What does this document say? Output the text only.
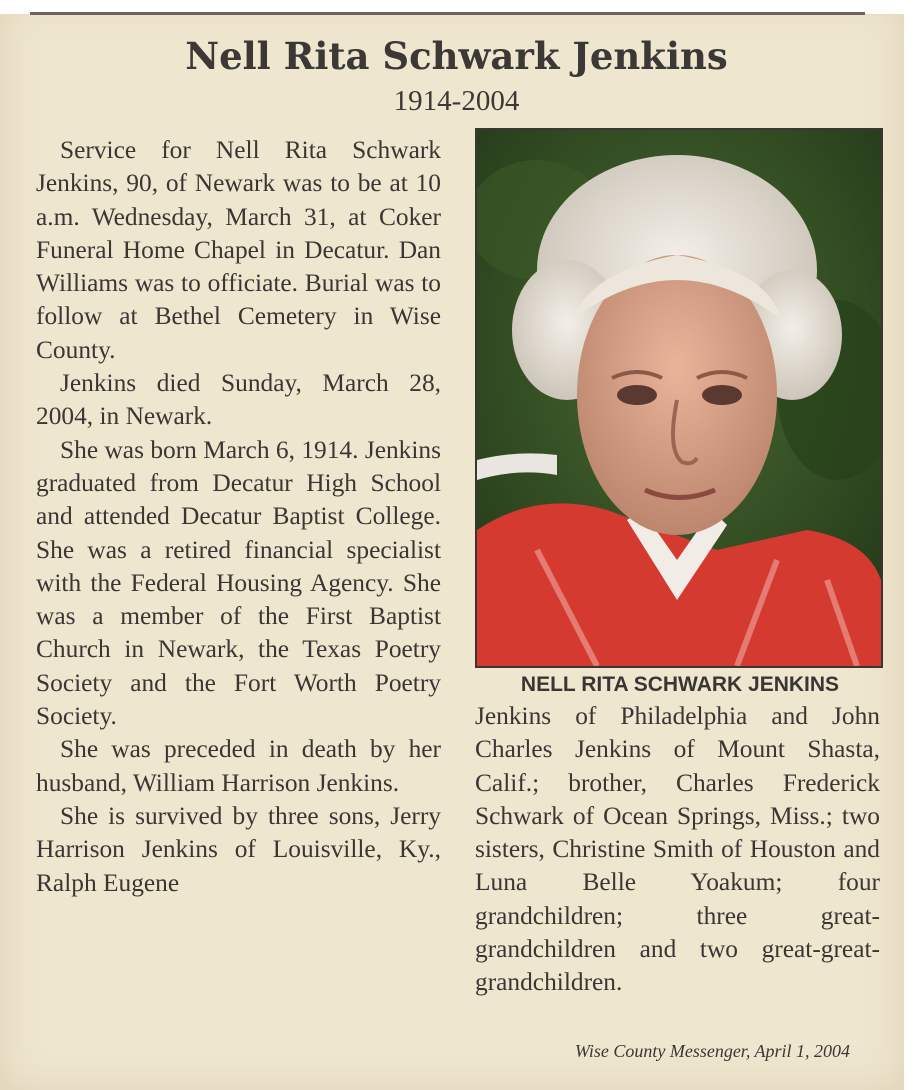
Nell Rita Schwark Jenkins
1914-2004

Service for Nell Rita Schwark Jenkins, 90, of Newark was to be at 10 a.m. Wednesday, March 31, at Coker Funeral Home Chapel in Decatur. Dan Williams was to officiate. Burial was to follow at Bethel Cemetery in Wise County.

Jenkins died Sunday, March 28, 2004, in Newark.

She was born March 6, 1914. Jenkins graduated from Decatur High School and attended Decatur Baptist College. She was a retired financial specialist with the Federal Housing Agency. She was a member of the First Baptist Church in Newark, the Texas Poetry Society and the Fort Worth Poetry Society.

She was preceded in death by her husband, William Harrison Jenkins.

She is survived by three sons, Jerry Harrison Jenkins of Louisville, Ky., Ralph Eugene

NELL RITA SCHWARK JENKINS

Jenkins of Philadelphia and John Charles Jenkins of Mount Shasta, Calif.; brother, Charles Frederick Schwark of Ocean Springs, Miss.; two sisters, Christine Smith of Houston and Luna Belle Yoakum; four grandchildren; three great-grandchildren and two great-great-grandchildren.

Wise County Messenger, April 1, 2004
